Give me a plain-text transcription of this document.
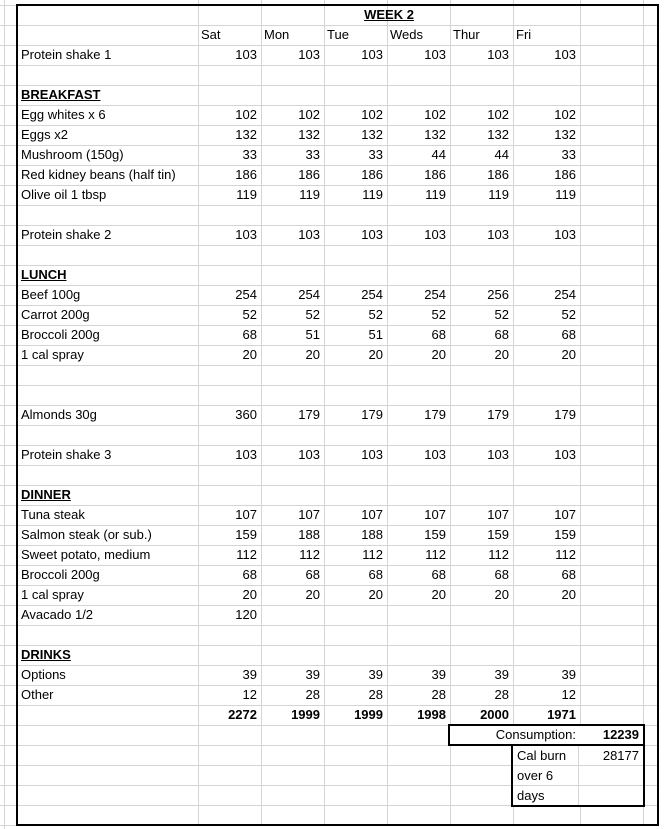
Sat	Mon	Tue	Weds	Thur	Fri
Protein shake 1	103	103	103	103	103	103
BREAKFAST
Egg whites x 6	102	102	102	102	102	102
Eggs x2	132	132	132	132	132	132
Mushroom (150g)	33	33	33	44	44	33
Red kidney beans (half tin)	186	186	186	186	186	186
Olive oil 1 tbsp	119	119	119	119	119	119
Protein shake 2	103	103	103	103	103	103
LUNCH
Beef 100g	254	254	254	254	256	254
Carrot 200g	52	52	52	52	52	52
Broccoli 200g	68	51	51	68	68	68
1 cal spray	20	20	20	20	20	20
Almonds 30g	360	179	179	179	179	179
Protein shake 3	103	103	103	103	103	103
DINNER
Tuna steak	107	107	107	107	107	107
Salmon steak (or sub.)	159	188	188	159	159	159
Sweet potato, medium	112	112	112	112	112	112
Broccoli 200g	68	68	68	68	68	68
1 cal spray	20	20	20	20	20	20
Avacado 1/2	120
DRINKS
Options	39	39	39	39	39	39
Other	12	28	28	28	28	12
2272	1999	1999	1998	2000	1971
WEEK 2
Consumption:	12239
Cal burn	28177
over 6
days
